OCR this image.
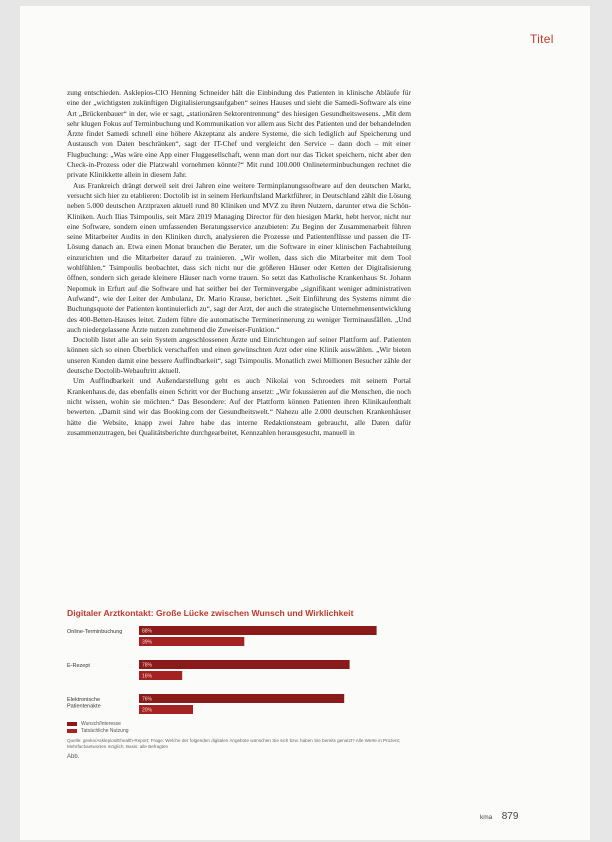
Titel

zung entschieden. Asklepios-CIO Henning Schneider hält die Einbindung des Patienten in klinische Abläufe für eine der „wichtigsten zukünftigen Digitalisierungsaufgaben“ seines Hauses und sieht die Samedi-Software als eine Art „Brückenbauer“ in der, wie er sagt, „stationären Sektorentrennung“ des hiesigen Gesundheitswesens. „Mit dem sehr klugen Fokus auf Terminbuchung und Kommunikation vor allem aus Sicht des Patienten und der behandelnden Ärzte findet Samedi schnell eine höhere Akzeptanz als andere Systeme, die sich lediglich auf Speicherung und Austausch von Daten beschränken“, sagt der IT-Chef und vergleicht den Service – dann doch – mit einer Flugbuchung: „Was wäre eine App einer Fluggesellschaft, wenn man dort nur das Ticket speichern, nicht aber den Check-in-Prozess oder die Platzwahl vornehmen könnte?“ Mit rund 100.000 Onlineterminbuchungen rechnet die private Klinikkette allein in diesem Jahr.

Aus Frankreich drängt derweil seit drei Jahren eine weitere Terminplanungssoftware auf den deutschen Markt, versucht sich hier zu etablieren: Doctolib ist in seinem Herkunftsland Marktführer, in Deutschland zählt die Lösung neben 5.000 deutschen Arztpraxen aktuell rund 80 Kliniken und MVZ zu ihren Nutzern, darunter etwa die Schön-Kliniken. Auch Ilias Tsimpoulis, seit März 2019 Managing Director für den hiesigen Markt, hebt hervor, nicht nur eine Software, sondern einen umfassenden Beratungsservice anzubieten: Zu Beginn der Zusammenarbeit führen seine Mitarbeiter Audits in den Kliniken durch, analysieren die Prozesse und Patientenflüsse und passen die IT-Lösung danach an. Etwa einen Monat brauchen die Berater, um die Software in einer klinischen Fachabteilung einzurichten und die Mitarbeiter darauf zu trainieren. „Wir wollen, dass sich die Mitarbeiter mit dem Tool wohlfühlen.“ Tsimpoulis beobachtet, dass sich nicht nur die größeren Häuser oder Ketten der Digitalisierung öffnen, sondern sich gerade kleinere Häuser nach vorne trauen. So setzt das Katholische Krankenhaus St. Johann Nepomuk in Erfurt auf die Software und hat seither bei der Terminvergabe „signifikant weniger administrativen Aufwand“, wie der Leiter der Ambulanz, Dr. Mario Krause, berichtet. „Seit Einführung des Systems nimmt die Buchungsquote der Patienten kontinuierlich zu“, sagt der Arzt, der auch die strategische Unternehmensentwicklung des 400-Betten-Hauses leitet. Zudem führe die automatische Terminerinnerung zu weniger Terminausfällen. „Und auch niedergelassene Ärzte nutzen zunehmend die Zuweiser-Funktion.“

Doctolib listet alle an sein System angeschlossenen Ärzte und Einrichtungen auf seiner Plattform auf. Patienten können sich so einen Überblick verschaffen und einen gewünschten Arzt oder eine Klinik auswählen. „Wir bieten unseren Kunden damit eine bessere Auffindbarkeit“, sagt Tsimpoulis. Monatlich zwei Millionen Besucher zähle der deutsche Doctolib-Webauftritt aktuell.

Um Auffindbarkeit und Außendarstellung geht es auch Nikolai von Schroeders mit seinem Portal Krankenhaus.de, das ebenfalls einen Schritt vor der Buchung ansetzt: „Wir fokussieren auf die Menschen, die noch nicht wissen, wohin sie möchten.“ Das Besondere: Auf der Plattform können Patienten ihren Klinikaufenthalt bewerten. „Damit sind wir das Booking.com der Gesundheitswelt.“ Nahezu alle 2.000 deutschen Krankenhäuser hätte die Website, knapp zwei Jahre habe das interne Redaktionsteam gebraucht, alle Daten dafür zusammenzutragen, bei Qualitätsberichte durchgearbeitet, Kennzahlen herausgesucht, manuell in

Digitaler Arztkontakt: Große Lücke zwischen Wunsch und Wirklichkeit
Online-Terminbuchung	88%
39%
E-Rezept	78%
16%
Elektronische Patientenakte
76%
20%
Wunsch/Interesse
Tatsächliche Nutzung
Quelle: gevko/Asklepios/Ehealth-Report; Frage: Welche der folgenden digitalen Angebote wünschen Sie sich bzw. haben Sie bereits genutzt? Alle Werte in Prozent; Mehrfachantworten möglich; Basis: alle Befragten
Abb.
kma 879
